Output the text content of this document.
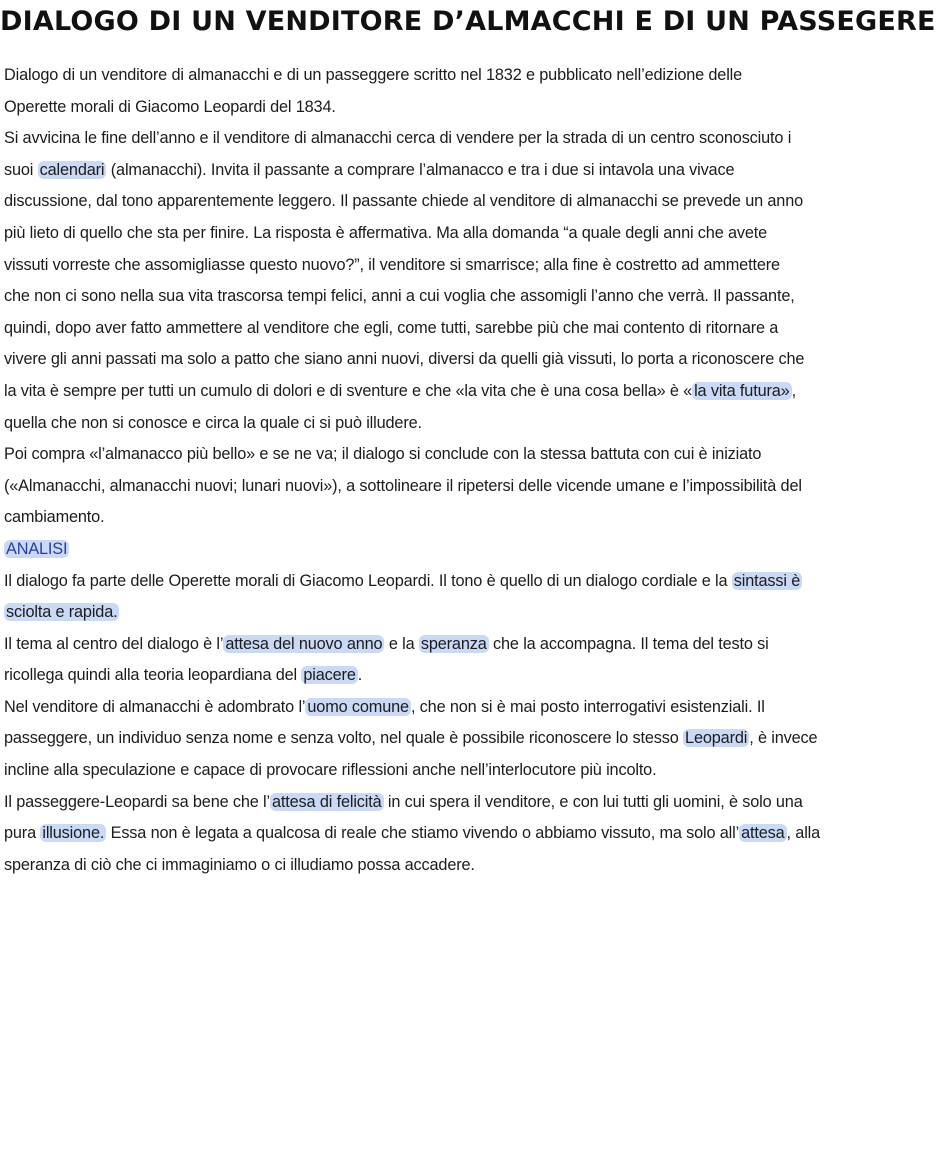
DIALOGO DI UN VENDITORE D’ALMACCHI E DI UN PASSEGERE
Dialogo di un venditore di almanacchi e di un passeggere scritto nel 1832 e pubblicato nell’edizione delle
Operette morali di Giacomo Leopardi del 1834.
Si avvicina le fine dell’anno e il venditore di almanacchi cerca di vendere per la strada di un centro sconosciuto i
suoi calendari (almanacchi). Invita il passante a comprare l’almanacco e tra i due si intavola una vivace
discussione, dal tono apparentemente leggero. Il passante chiede al venditore di almanacchi se prevede un anno
più lieto di quello che sta per finire. La risposta è affermativa. Ma alla domanda “a quale degli anni che avete
vissuti vorreste che assomigliasse questo nuovo?”, il venditore si smarrisce; alla fine è costretto ad ammettere
che non ci sono nella sua vita trascorsa tempi felici, anni a cui voglia che assomigli l’anno che verrà. Il passante,
quindi, dopo aver fatto ammettere al venditore che egli, come tutti, sarebbe più che mai contento di ritornare a
vivere gli anni passati ma solo a patto che siano anni nuovi, diversi da quelli già vissuti, lo porta a riconoscere che
la vita è sempre per tutti un cumulo di dolori e di sventure e che «la vita che è una cosa bella» è « la vita futura» ,
quella che non si conosce e circa la quale ci si può illudere.
Poi compra «l’almanacco più bello» e se ne va; il dialogo si conclude con la stessa battuta con cui è iniziato
(«Almanacchi, almanacchi nuovi; lunari nuovi»), a sottolineare il ripetersi delle vicende umane e l’impossibilità del
cambiamento.
ANALISI
Il dialogo fa parte delle Operette morali di Giacomo Leopardi. Il tono è quello di un dialogo cordiale e la sintassi è
sciolta e rapida.
Il tema al centro del dialogo è l’ attesa del nuovo anno e la speranza che la accompagna. Il tema del testo si
ricollega quindi alla teoria leopardiana del piacere .
Nel venditore di almanacchi è adombrato l’ uomo comune , che non si è mai posto interrogativi esistenziali. Il
passeggere, un individuo senza nome e senza volto, nel quale è possibile riconoscere lo stesso Leopardi , è invece
incline alla speculazione e capace di provocare riflessioni anche nell’interlocutore più incolto.
Il passeggere-Leopardi sa bene che l’ attesa di felicità in cui spera il venditore, e con lui tutti gli uomini, è solo una
pura illusione. Essa non è legata a qualcosa di reale che stiamo vivendo o abbiamo vissuto, ma solo all’ attesa , alla
speranza di ciò che ci immaginiamo o ci illudiamo possa accadere.
